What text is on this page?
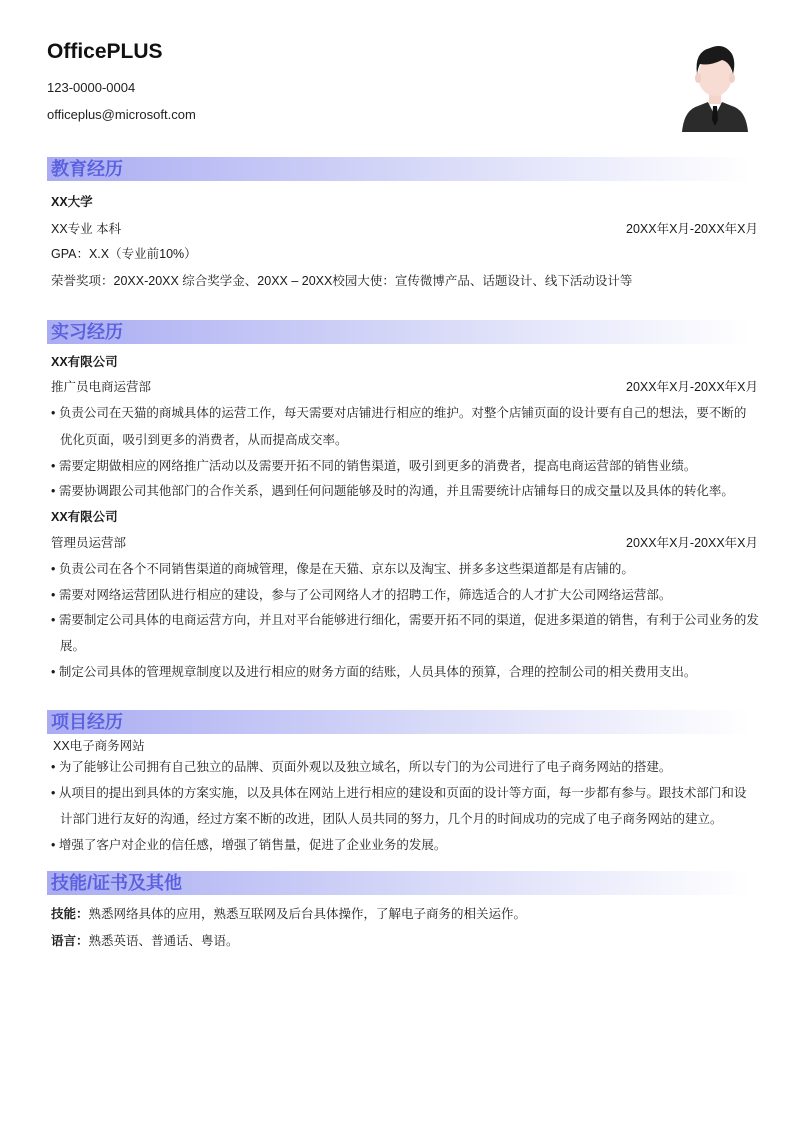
OfficePLUS
123-0000-0004
officeplus@microsoft.com
教育经历
XX大学
XX专业 本科	20XX年X月-20XX年X月
GPA：X.X（专业前10%）
荣誉奖项：20XX-20XX 综合奖学金、20XX – 20XX校园大使：宣传微博产品、话题设计、线下活动设计等
实习经历
XX有限公司
推广员电商运营部	20XX年X月-20XX年X月
• 负责公司在天猫的商城具体的运营工作，每天需要对店铺进行相应的维护。对整个店铺页面的设计要有自己的想法，要不断的
优化页面，吸引到更多的消费者，从而提高成交率。
• 需要定期做相应的网络推广活动以及需要开拓不同的销售渠道，吸引到更多的消费者，提高电商运营部的销售业绩。
• 需要协调跟公司其他部门的合作关系，遇到任何问题能够及时的沟通，并且需要统计店铺每日的成交量以及具体的转化率。
XX有限公司
管理员运营部	20XX年X月-20XX年X月
• 负责公司在各个不同销售渠道的商城管理，像是在天猫、京东以及淘宝、拼多多这些渠道都是有店铺的。
• 需要对网络运营团队进行相应的建设，参与了公司网络人才的招聘工作，筛选适合的人才扩大公司网络运营部。
• 需要制定公司具体的电商运营方向，并且对平台能够进行细化，需要开拓不同的渠道，促进多渠道的销售，有利于公司业务的发
展。
• 制定公司具体的管理规章制度以及进行相应的财务方面的结账，人员具体的预算，合理的控制公司的相关费用支出。
项目经历
XX电子商务网站
• 为了能够让公司拥有自己独立的品牌、页面外观以及独立域名，所以专门的为公司进行了电子商务网站的搭建。
• 从项目的提出到具体的方案实施，以及具体在网站上进行相应的建设和页面的设计等方面，每一步都有参与。跟技术部门和设
计部门进行友好的沟通，经过方案不断的改进，团队人员共同的努力，几个月的时间成功的完成了电子商务网站的建立。
• 增强了客户对企业的信任感，增强了销售量，促进了企业业务的发展。
技能/证书及其他
技能：熟悉网络具体的应用，熟悉互联网及后台具体操作，了解电子商务的相关运作。
语言：熟悉英语、普通话、粤语。
